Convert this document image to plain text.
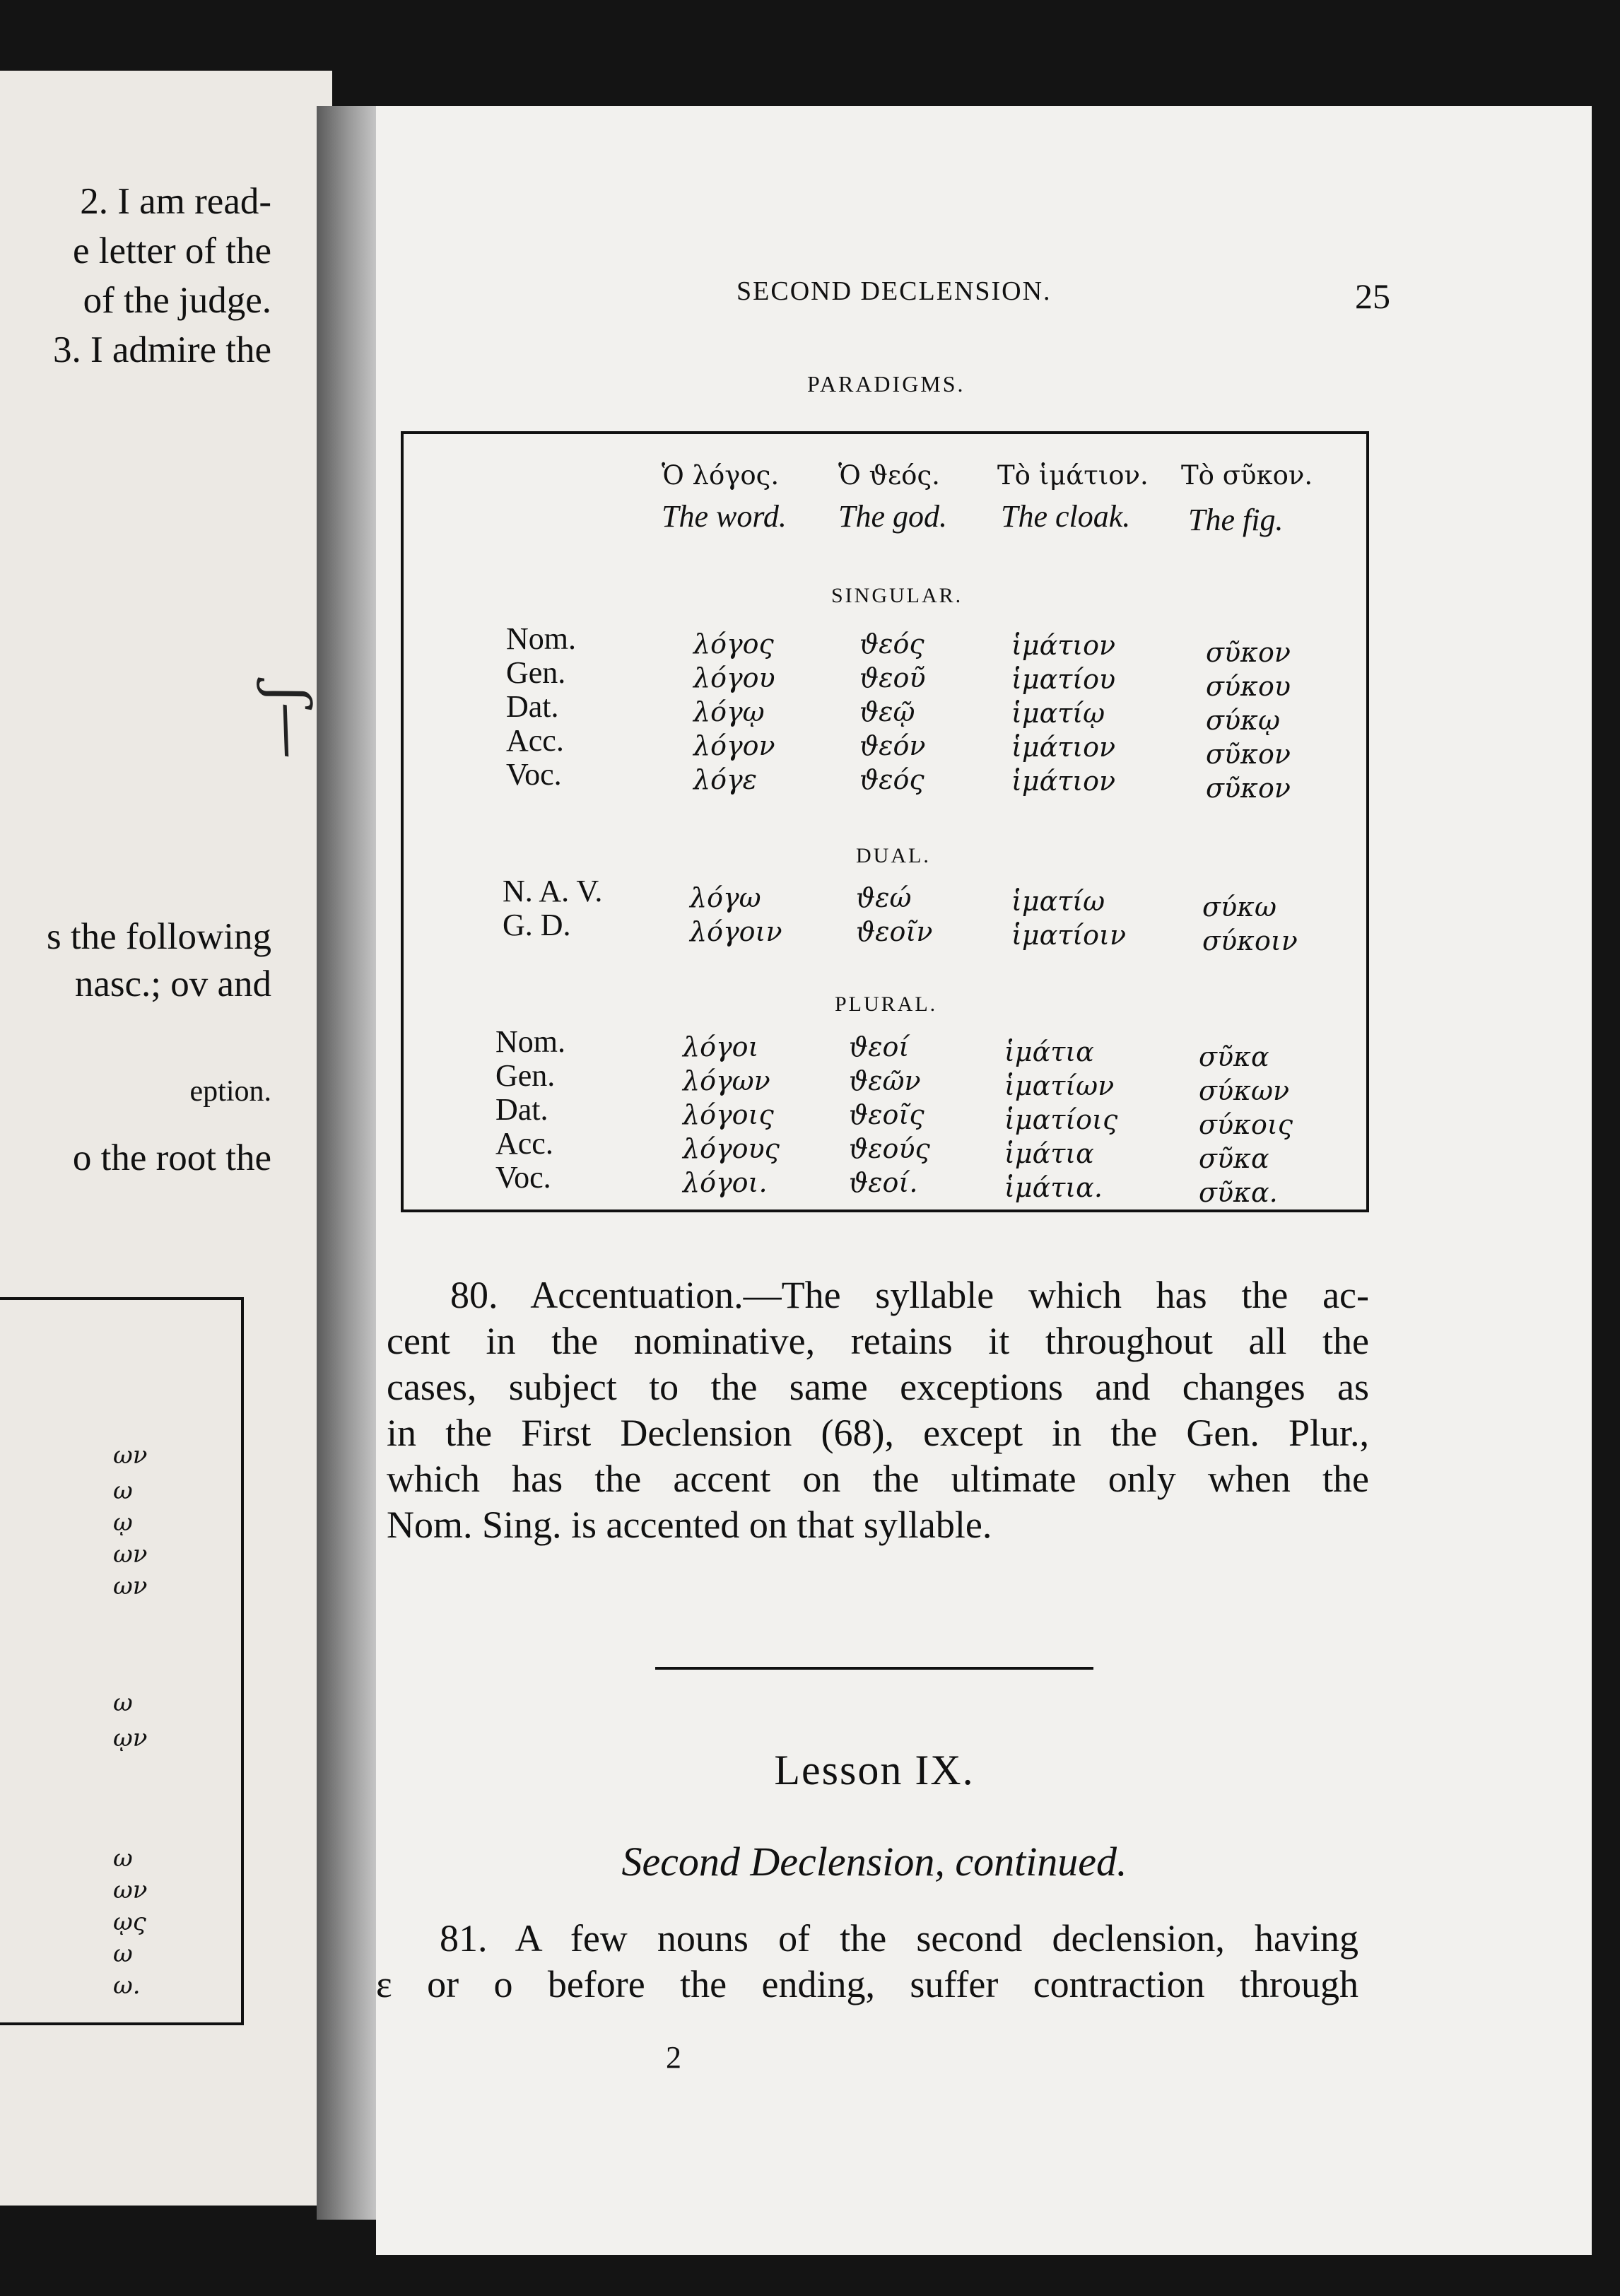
2. I am read-
e letter of the
of the judge.
3. I admire the
s the following
nasc.; ov and
eption.
o the root the
ων
ω
ῳ
ων
ων
ω
ῳν
ω
ων
ῳς
ω
ω.
ʃ—
SECOND DECLENSION.	25
PARADIGMS.
Ὁ λόγος. Ὁ ϑεός. Τὸ ἱμάτιον. Τὸ σῦκον.
The word. The god. The cloak. The fig.
SINGULAR.
Nom.
Gen.
Dat.
Acc.
Voc.
λόγος
λόγου
λόγῳ
λόγον
λόγε
ϑεός
ϑεοῦ
ϑεῷ
ϑεόν
ϑεός
ἱμάτιον
ἱματίου
ἱματίῳ
ἱμάτιον
ἱμάτιον
σῦκον
σύκου
σύκῳ
σῦκον
σῦκον
DUAL.
N. A. V.
G. D.
λόγω
λόγοιν
ϑεώ
ϑεοῖν
ἱματίω
ἱματίοιν
σύκω
σύκοιν
PLURAL.
Nom.
Gen.
Dat.
Acc.
Voc.
λόγοι
λόγων
λόγοις
λόγους
λόγοι.
ϑεοί
ϑεῶν
ϑεοῖς
ϑεούς
ϑεοί.
ἱμάτια
ἱματίων
ἱματίοις
ἱμάτια
ἱμάτια.
σῦκα
σύκων
σύκοις
σῦκα
σῦκα.
80. Accentuation.—The syllable which has the ac-
cent in the nominative, retains it throughout all the
cases, subject to the same exceptions and changes as
in the First Declension (68), except in the Gen. Plur.,
which has the accent on the ultimate only when the
Nom. Sing. is accented on that syllable.
Lesson IX.
Second Declension, continued.
81. A few nouns of the second declension, having
ε or ο before the ending, suffer contraction through
2
